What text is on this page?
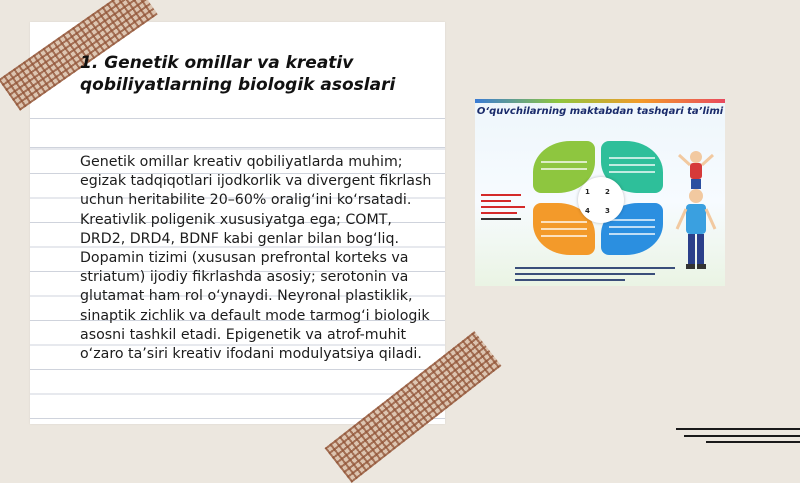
1. Genetik omillar va kreativ qobiliyatlarning biologik asoslari

Genetik omillar kreativ qobiliyatlarda muhim; egizak tadqiqotlari ijodkorlik va divergent fikrlash uchun heritabilite 20–60% oralig‘ini ko‘rsatadi. Kreativlik poligenik xususiyatga ega; COMT, DRD2, DRD4, BDNF kabi genlar bilan bog‘liq. Dopamin tizimi (xususan prefrontal korteks va striatum) ijodiy fikrlashda asosiy; serotonin va glutamat ham rol o‘ynaydi. Neyronal plastiklik, sinaptik zichlik va default mode tarmog‘i biologik asosni tashkil etadi. Epigenetik va atrof-muhit o‘zaro ta’siri kreativ ifodani modulyatsiya qiladi.

O‘quvchilarning maktabdan tashqari ta’limi
1 2
3
4
